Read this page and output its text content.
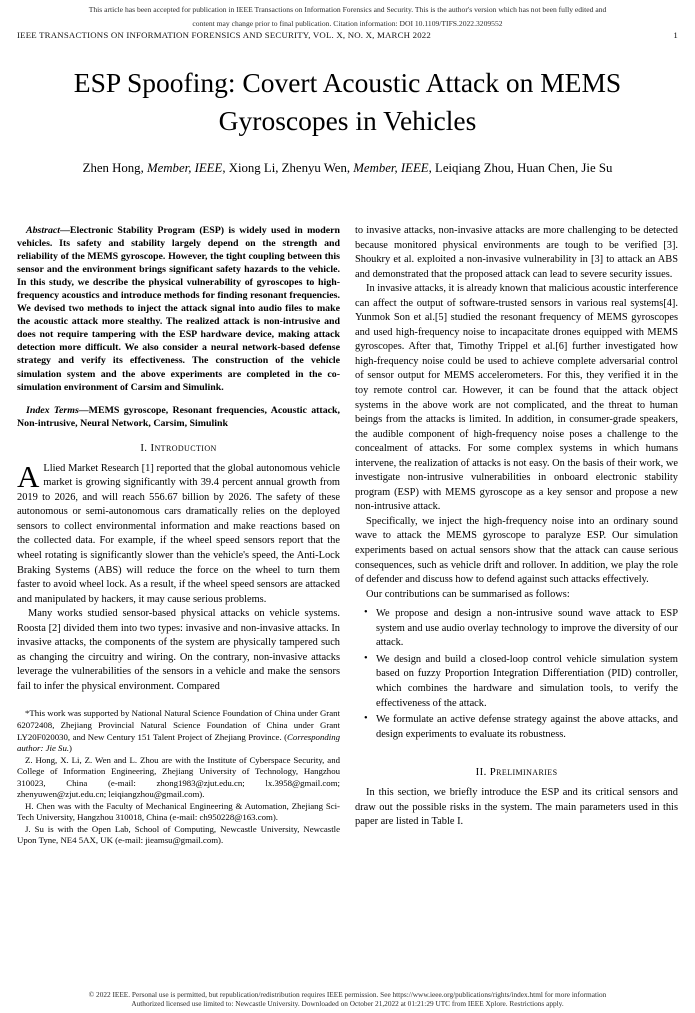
This article has been accepted for publication in IEEE Transactions on Information Forensics and Security. This is the author's version which has not been fully edited and
content may change prior to final publication. Citation information: DOI 10.1109/TIFS.2022.3209552
IEEE TRANSACTIONS ON INFORMATION FORENSICS AND SECURITY, VOL. X, NO. X, MARCH 2022	1
ESP Spoofing: Covert Acoustic Attack on MEMS
Gyroscopes in Vehicles

Zhen Hong, Member, IEEE, Xiong Li, Zhenyu Wen, Member, IEEE, Leiqiang Zhou, Huan Chen, Jie Su

Abstract—Electronic Stability Program (ESP) is widely used in modern vehicles. Its safety and stability largely depend on the strength and reliability of the MEMS gyroscope. However, the tight coupling between this sensor and the environment brings significant safety hazards to the vehicle. In this study, we describe the physical vulnerability of gyroscopes to high-frequency acoustics and introduce methods for finding resonant frequencies. We devised two methods to inject the attack signal into audio files to make the acoustic attack more stealthy. The realized attack is non-intrusive and does not require tampering with the ESP hardware device, making attack detection more difficult. We also consider a neural network-based defense strategy and verify its effectiveness. The construction of the vehicle simulation system and the above experiments are completed in the co-simulation environment of Carsim and Simulink.

Index Terms—MEMS gyroscope, Resonant frequencies, Acoustic attack, Non-intrusive, Neural Network, Carsim, Simulink

I. Introduction

A Llied Market Research [1] reported that the global autonomous vehicle market is growing significantly with 39.4 percent annual growth from 2019 to 2026, and will reach 556.67 billion by 2026. The safety of these autonomous or semi-autonomous cars dramatically relies on the deployed sensors to collect environmental information and make reactions based on the collected data. For example, if the wheel speed sensors report that the wheel rotating is significantly slower than the vehicle's speed, the Anti-Lock Braking Systems (ABS) will reduce the force on the wheel to turn them faster to avoid wheel lock. As a result, if the wheel speed sensors are attacked and manipulated by hackers, it may cause serious problems.

Many works studied sensor-based physical attacks on vehicle systems. Roosta [2] divided them into two types: invasive and non-invasive attacks. In invasive attacks, the components of the system are physically tampered such as changing the circuitry and wiring. On the contrary, non-invasive attacks leverage the vulnerabilities of the sensors in a vehicle and make the sensors fail to infer the physical environment. Compared

*This work was supported by National Natural Science Foundation of China under Grant 62072408, Zhejiang Provincial Natural Science Foundation of China under Grant LY20F020030, and New Century 151 Talent Project of Zhejiang Province. (Corresponding author: Jie Su.)

Z. Hong, X. Li, Z. Wen and L. Zhou are with the Institute of Cyberspace Security, and College of Information Engineering, Zhejiang University of Technology, Hangzhou 310023, China (e-mail: zhong1983@zjut.edu.cn; lx.3958@gmail.com; zhenyuwen@zjut.edu.cn; leiqiangzhou@gmail.com).

H. Chen was with the Faculty of Mechanical Engineering & Automation, Zhejiang Sci-Tech University, Hangzhou 310018, China (e-mail: ch950228@163.com).

J. Su is with the Open Lab, School of Computing, Newcastle University, Newcastle Upon Tyne, NE4 5AX, UK (e-mail: jieamsu@gmail.com).

to invasive attacks, non-invasive attacks are more challenging to be detected because monitored physical environments are tough to be verified [3]. Shoukry et al. exploited a non-invasive vulnerability in [3] to attack an ABS and demonstrated that the proposed attack can lead to severe security issues.

In invasive attacks, it is already known that malicious acoustic interference can affect the output of software-trusted sensors in various real systems[4]. Yunmok Son et al.[5] studied the resonant frequency of MEMS gyroscopes and used high-frequency noise to incapacitate drones equipped with MEMS gyroscopes. After that, Timothy Trippel et al.[6] further investigated how high-frequency noise could be used to achieve complete adversarial control of sensor output for MEMS accelerometers. For this, they verified it in the toy remote control car. However, it can be found that the attack object systems in the above work are not complicated, and the threat to human beings from the attacks is limited. In addition, in consumer-grade speakers, the audible component of high-frequency noise poses a challenge to the concealment of attacks. For some complex systems in which humans intervene, the realization of attacks is not easy. On the basis of their work, we investigate non-intrusive vulnerabilities in onboard electronic stability program (ESP) with MEMS gyroscope as a key sensor and propose a new non-intrusive attack.

Specifically, we inject the high-frequency noise into an ordinary sound wave to attack the MEMS gyroscope to paralyze ESP. Our simulation experiments based on actual sensors show that the attack can cause serious consequences, such as vehicle drift and rollover. In addition, we play the role of defender and discuss how to defend against such attacks effectively.

Our contributions can be summarised as follows:

• We propose and design a non-intrusive sound wave attack to ESP system and use audio overlay technology to improve the diversity of our attack.
• We design and build a closed-loop control vehicle simulation system based on fuzzy Proportion Integration Differentiation (PID) controller, which combines the hardware and simulation tools, to verify the effectiveness of the attack.
• We formulate an active defense strategy against the above attacks, and design experiments to evaluate its robustness.
II. Preliminaries

In this section, we briefly introduce the ESP and its critical sensors and draw out the possible risks in the system. The main parameters used in this paper are listed in Table I.

© 2022 IEEE. Personal use is permitted, but republication/redistribution requires IEEE permission. See https://www.ieee.org/publications/rights/index.html for more information
Authorized licensed use limited to: Newcastle University. Downloaded on October 21,2022 at 01:21:29 UTC from IEEE Xplore. Restrictions apply.
